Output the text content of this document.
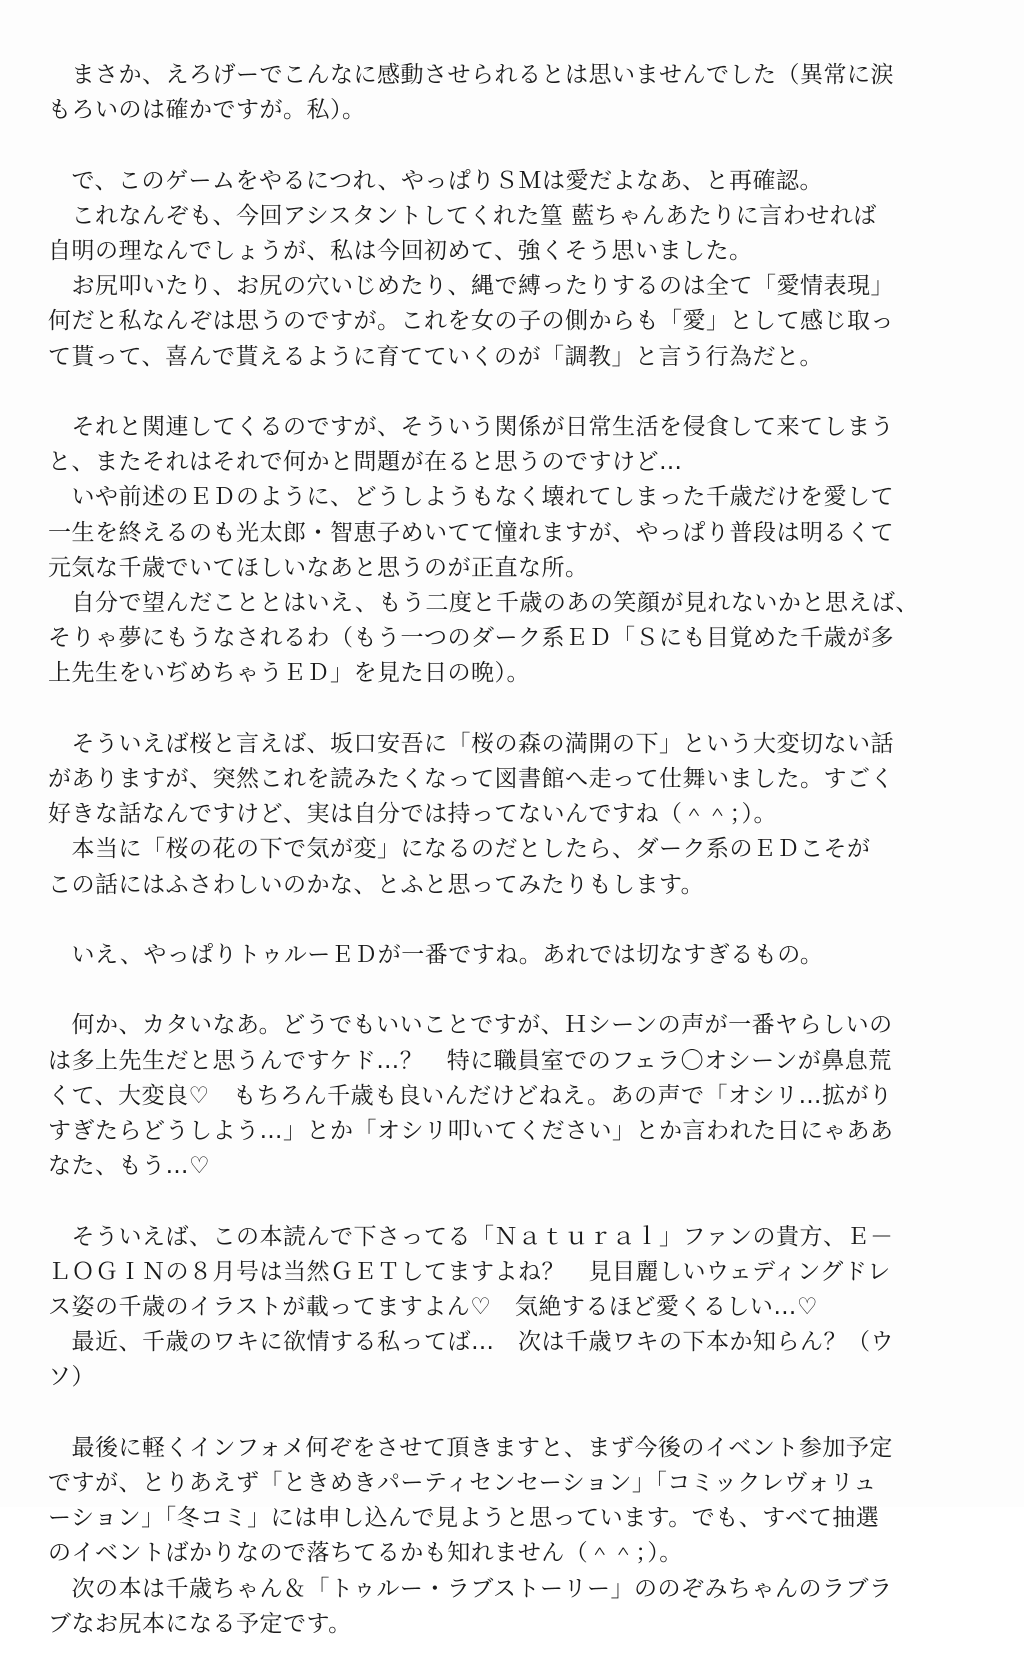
　まさか、えろげーでこんなに感動させられるとは思いませんでした（異常に涙
もろいのは確かですが。私）。
　で、このゲームをやるにつれ、やっぱりＳＭは愛だよなあ、と再確認。
　これなんぞも、今回アシスタントしてくれた篁 藍ちゃんあたりに言わせれば
自明の理なんでしょうが、私は今回初めて、強くそう思いました。
　お尻叩いたり、お尻の穴いじめたり、縄で縛ったりするのは全て「愛情表現」
何だと私なんぞは思うのですが。これを女の子の側からも「愛」として感じ取っ
て貰って、喜んで貰えるように育てていくのが「調教」と言う行為だと。
　それと関連してくるのですが、そういう関係が日常生活を侵食して来てしまう
と、またそれはそれで何かと問題が在ると思うのですけど…
　いや前述のＥＤのように、どうしようもなく壊れてしまった千歳だけを愛して
一生を終えるのも光太郎・智恵子めいてて憧れますが、やっぱり普段は明るくて
元気な千歳でいてほしいなあと思うのが正直な所。
　自分で望んだこととはいえ、もう二度と千歳のあの笑顔が見れないかと思えば、
そりゃ夢にもうなされるわ（もう一つのダーク系ＥＤ「Ｓにも目覚めた千歳が多
上先生をいぢめちゃうＥＤ」を見た日の晩）。
　そういえば桜と言えば、坂口安吾に「桜の森の満開の下」という大変切ない話
がありますが、突然これを読みたくなって図書館へ走って仕舞いました。すごく
好きな話なんですけど、実は自分では持ってないんですね（＾＾；）。
　本当に「桜の花の下で気が変」になるのだとしたら、ダーク系のＥＤこそが
この話にはふさわしいのかな、とふと思ってみたりもします。
　いえ、やっぱりトゥルーＥＤが一番ですね。あれでは切なすぎるもの。
　何か、カタいなあ。どうでもいいことですが、Ｈシーンの声が一番ヤらしいの
は多上先生だと思うんですケド…？　特に職員室でのフェラ〇オシーンが鼻息荒
くて、大変良♡　もちろん千歳も良いんだけどねえ。あの声で「オシリ…拡がり
すぎたらどうしよう…」とか「オシリ叩いてください」とか言われた日にゃああ
なた、もう…♡
　そういえば、この本読んで下さってる「Ｎａｔｕｒａｌ」ファンの貴方、Ｅ－
ＬＯＧＩＮの８月号は当然ＧＥＴしてますよね？　見目麗しいウェディングドレ
ス姿の千歳のイラストが載ってますよん♡　気絶するほど愛くるしい…♡
　最近、千歳のワキに欲情する私ってば…　次は千歳ワキの下本か知らん？（ウ
ソ）
　最後に軽くインフォメ何ぞをさせて頂きますと、まず今後のイベント参加予定
ですが、とりあえず「ときめきパーティセンセーション」「コミックレヴォリュ
ーション」「冬コミ」には申し込んで見ようと思っています。でも、すべて抽選
のイベントばかりなので落ちてるかも知れません（＾＾；）。
　次の本は千歳ちゃん＆「トゥルー・ラブストーリー」ののぞみちゃんのラブラ
ブなお尻本になる予定です。
